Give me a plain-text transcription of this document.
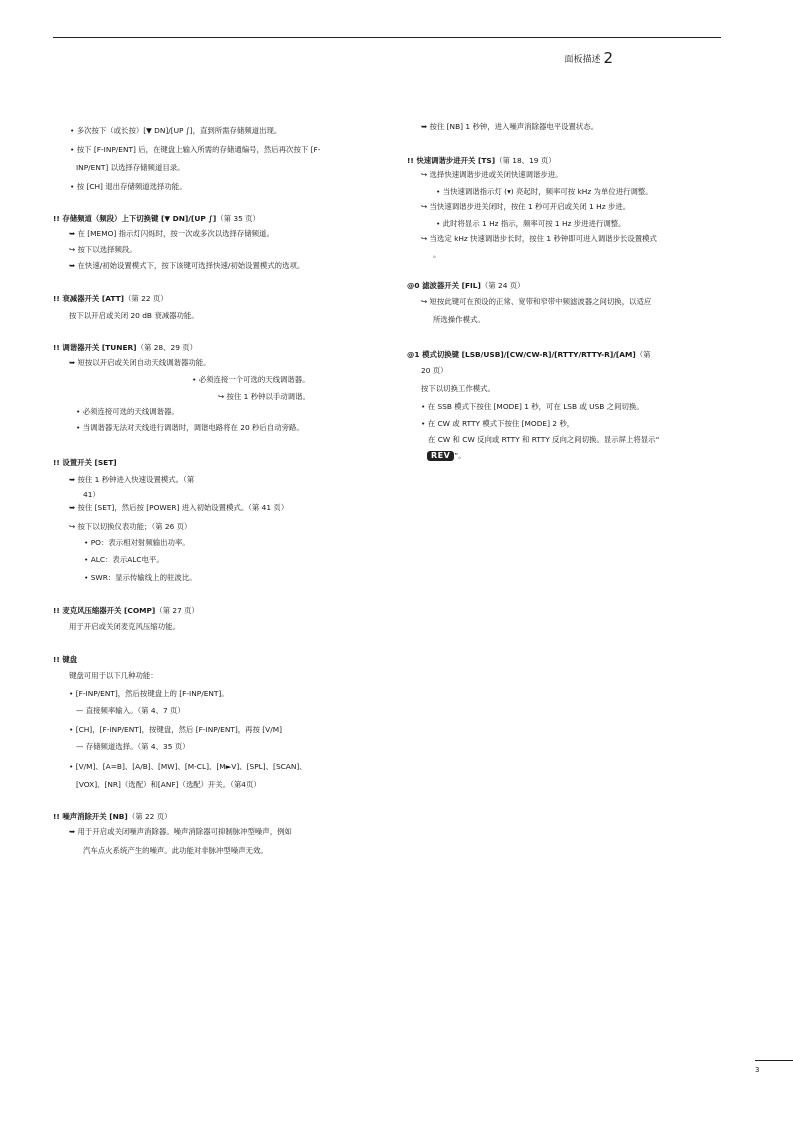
面板描述 2
• 多次按下（或长按）[▼ DN]/[UP ∫]，直到所需存储频道出现。
• 按下 [F-INP/ENT] 后，在键盘上输入所需的存储通编号，然后再次按下 [F-
INP/ENT] 以选择存储频道目录。
• 按 [CH] 退出存储频道选择功能。
!! 存储频道（频段）上下切换键 [▼ DN]/[UP ∫]（第 35 页）
➥ 在 [MEMO] 指示灯闪烁时，按一次或多次以选择存储频道。
↪ 按下以选择频段。
➥ 在快速/初始设置模式下，按下该键可选择快速/初始设置模式的选项。
!! 衰减器开关 [ATT]（第 22 页）
按下以开启或关闭 20 dB 衰减器功能。
!! 调谐器开关 [TUNER]（第 28、29 页）
➥ 短按以开启或关闭自动天线调谐器功能。
• 必须连接一个可选的天线调谐器。
↪ 按住 1 秒钟以手动调谐。
• 必须连接可选的天线调谐器。
• 当调谐器无法对天线进行调谐时，调谐电路将在 20 秒后自动旁路。
!! 设置开关 [SET]
➥ 按住 1 秒钟进入快速设置模式。（第
41）
➥ 按住 [SET]，然后按 [POWER] 进入初始设置模式。（第 41 页）
↪ 按下以切换仪表功能；（第 26 页）
• PO：表示相对射频输出功率。
• ALC：表示ALC电平。
• SWR：显示传输线上的驻波比。
!! 麦克风压缩器开关 [COMP]（第 27 页）
用于开启或关闭麦克风压缩功能。
!! 键盘
键盘可用于以下几种功能：
• [F-INP/ENT]，然后按键盘上的 [F-INP/ENT]。
— 直接频率输入。（第 4、7 页）
• [CH]，[F-INP/ENT]，按键盘，然后 [F-INP/ENT]，再按 [V/M]
— 存储频道选择。（第 4、35 页）
• [V/M]、[A=B]、[A/B]、[MW]、[M-CL]、[M►V]、[SPL]、[SCAN]、
[VOX]、[NR]（选配）和[ANF]（选配）开关。（第4页）
!! 噪声消除开关 [NB]（第 22 页）
➥ 用于开启或关闭噪声消除器。噪声消除器可抑制脉冲型噪声，例如
汽车点火系统产生的噪声。此功能对非脉冲型噪声无效。
➥ 按住 [NB] 1 秒钟，进入噪声消除器电平设置状态。
!! 快速调谐步进开关 [TS]（第 18、19 页）
↪ 选择快速调谐步进或关闭快速调谐步进。
• 当快速调谐指示灯 (▾) 亮起时，频率可按 kHz 为单位进行调整。
↪ 当快速调谐步进关闭时，按住 1 秒可开启或关闭 1 Hz 步进。
• 此时将显示 1 Hz 指示，频率可按 1 Hz 步进进行调整。
↪ 当选定 kHz 快速调谐步长时，按住 1 秒钟即可进入调谐步长设置模式
。
@0 滤波器开关 [FIL]（第 24 页）
↪ 短按此键可在预设的正常、宽带和窄带中频滤波器之间切换，以适应
所选操作模式。
@1 模式切换键 [LSB/USB]/[CW/CW-R]/[RTTY/RTTY-R]/[AM]（第
20 页）
按下以切换工作模式。
• 在 SSB 模式下按住 [MODE] 1 秒，可在 LSB 或 USB 之间切换。
• 在 CW 或 RTTY 模式下按住 [MODE] 2 秒，
在 CW 和 CW 反向或 RTTY 和 RTTY 反向之间切换。显示屏上将显示“
REV ”。
3
